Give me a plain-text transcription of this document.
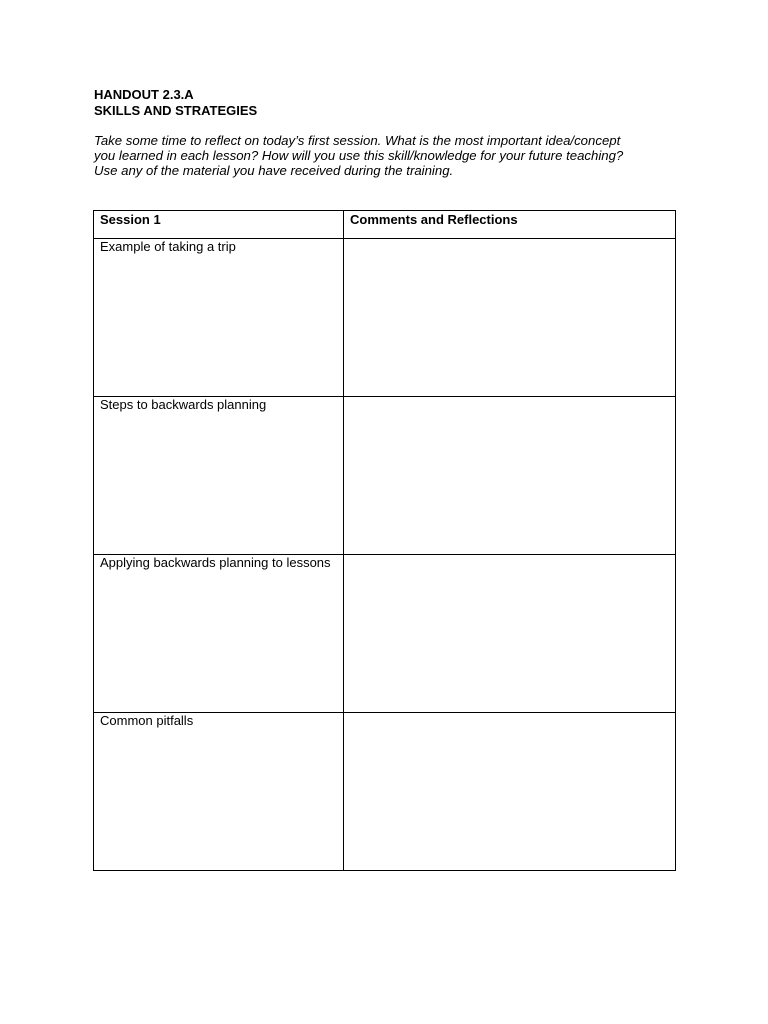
HANDOUT 2.3.A
SKILLS AND STRATEGIES
Take some time to reflect on today’s first session. What is the most important idea/concept
you learned in each lesson? How will you use this skill/knowledge for your future teaching?
Use any of the material you have received during the training.
Session 1	Comments and Reflections
Example of taking a trip	
Steps to backwards planning	
Applying backwards planning to lessons	
Common pitfalls	
